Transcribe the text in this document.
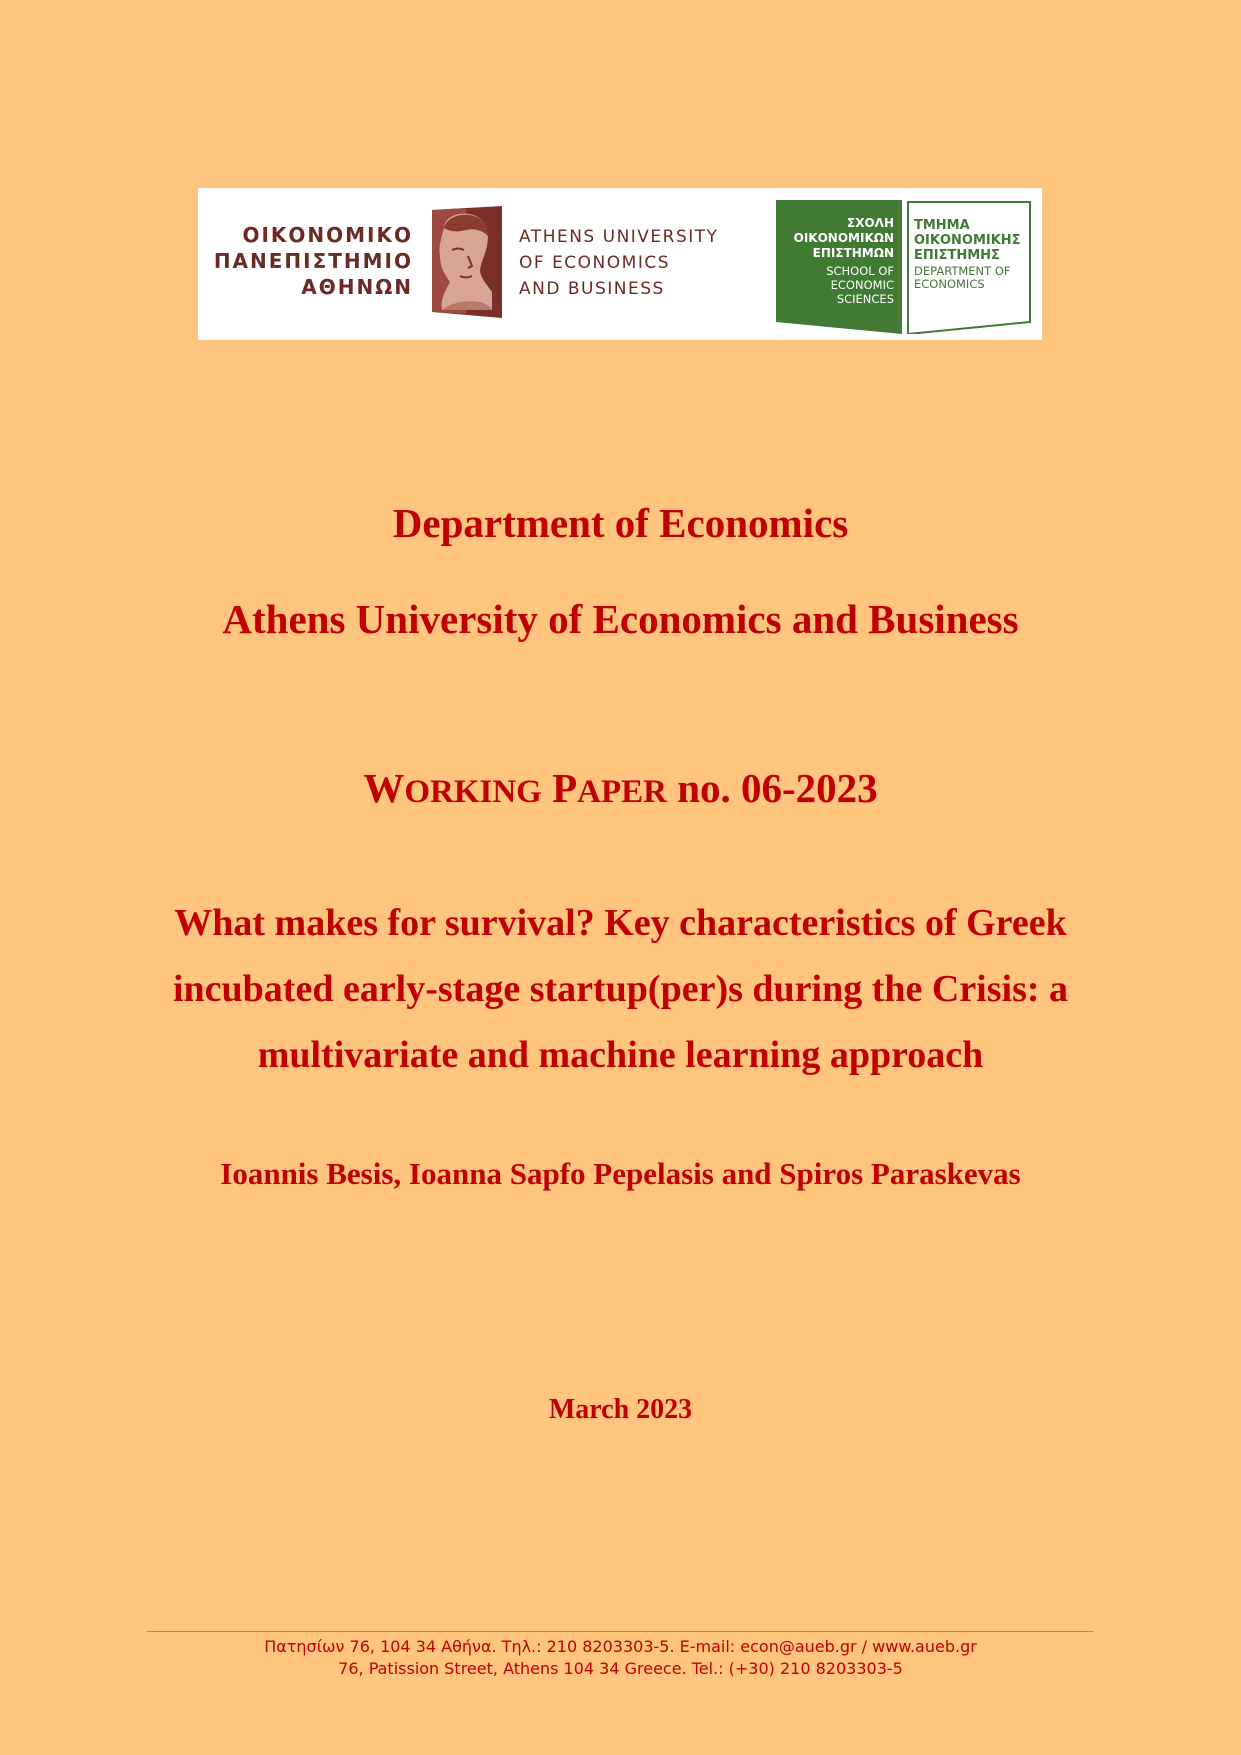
ΟΙΚΟΝΟΜΙΚΟ
ΠΑΝΕΠΙΣΤΗΜΙΟ
ΑΘΗΝΩΝ
ATHENS UNIVERSITY
OF ECONOMICS
AND BUSINESS
ΣΧΟΛΗ
ΟΙΚΟΝΟΜΙΚΩΝ
ΕΠΙΣΤΗΜΩΝ
SCHOOL OF
ECONOMIC
SCIENCES
ΤΜΗΜΑ
ΟΙΚΟΝΟΜΙΚΗΣ
ΕΠΙΣΤΗΜΗΣ
DEPARTMENT OF
ECONOMICS
Department of Economics
Athens University of Economics and Business
WORKING PAPER no. 06-2023
What makes for survival? Key characteristics of Greek
incubated early-stage startup(per)s during the Crisis: a
multivariate and machine learning approach
Ioannis Besis, Ioanna Sapfo Pepelasis and Spiros Paraskevas
March 2023
Πατησίων 76, 104 34 Αθήνα. Τηλ.: 210 8203303-5. E-mail: econ@aueb.gr / www.aueb.gr
76, Patission Street, Athens 104 34 Greece. Tel.: (+30) 210 8203303-5
